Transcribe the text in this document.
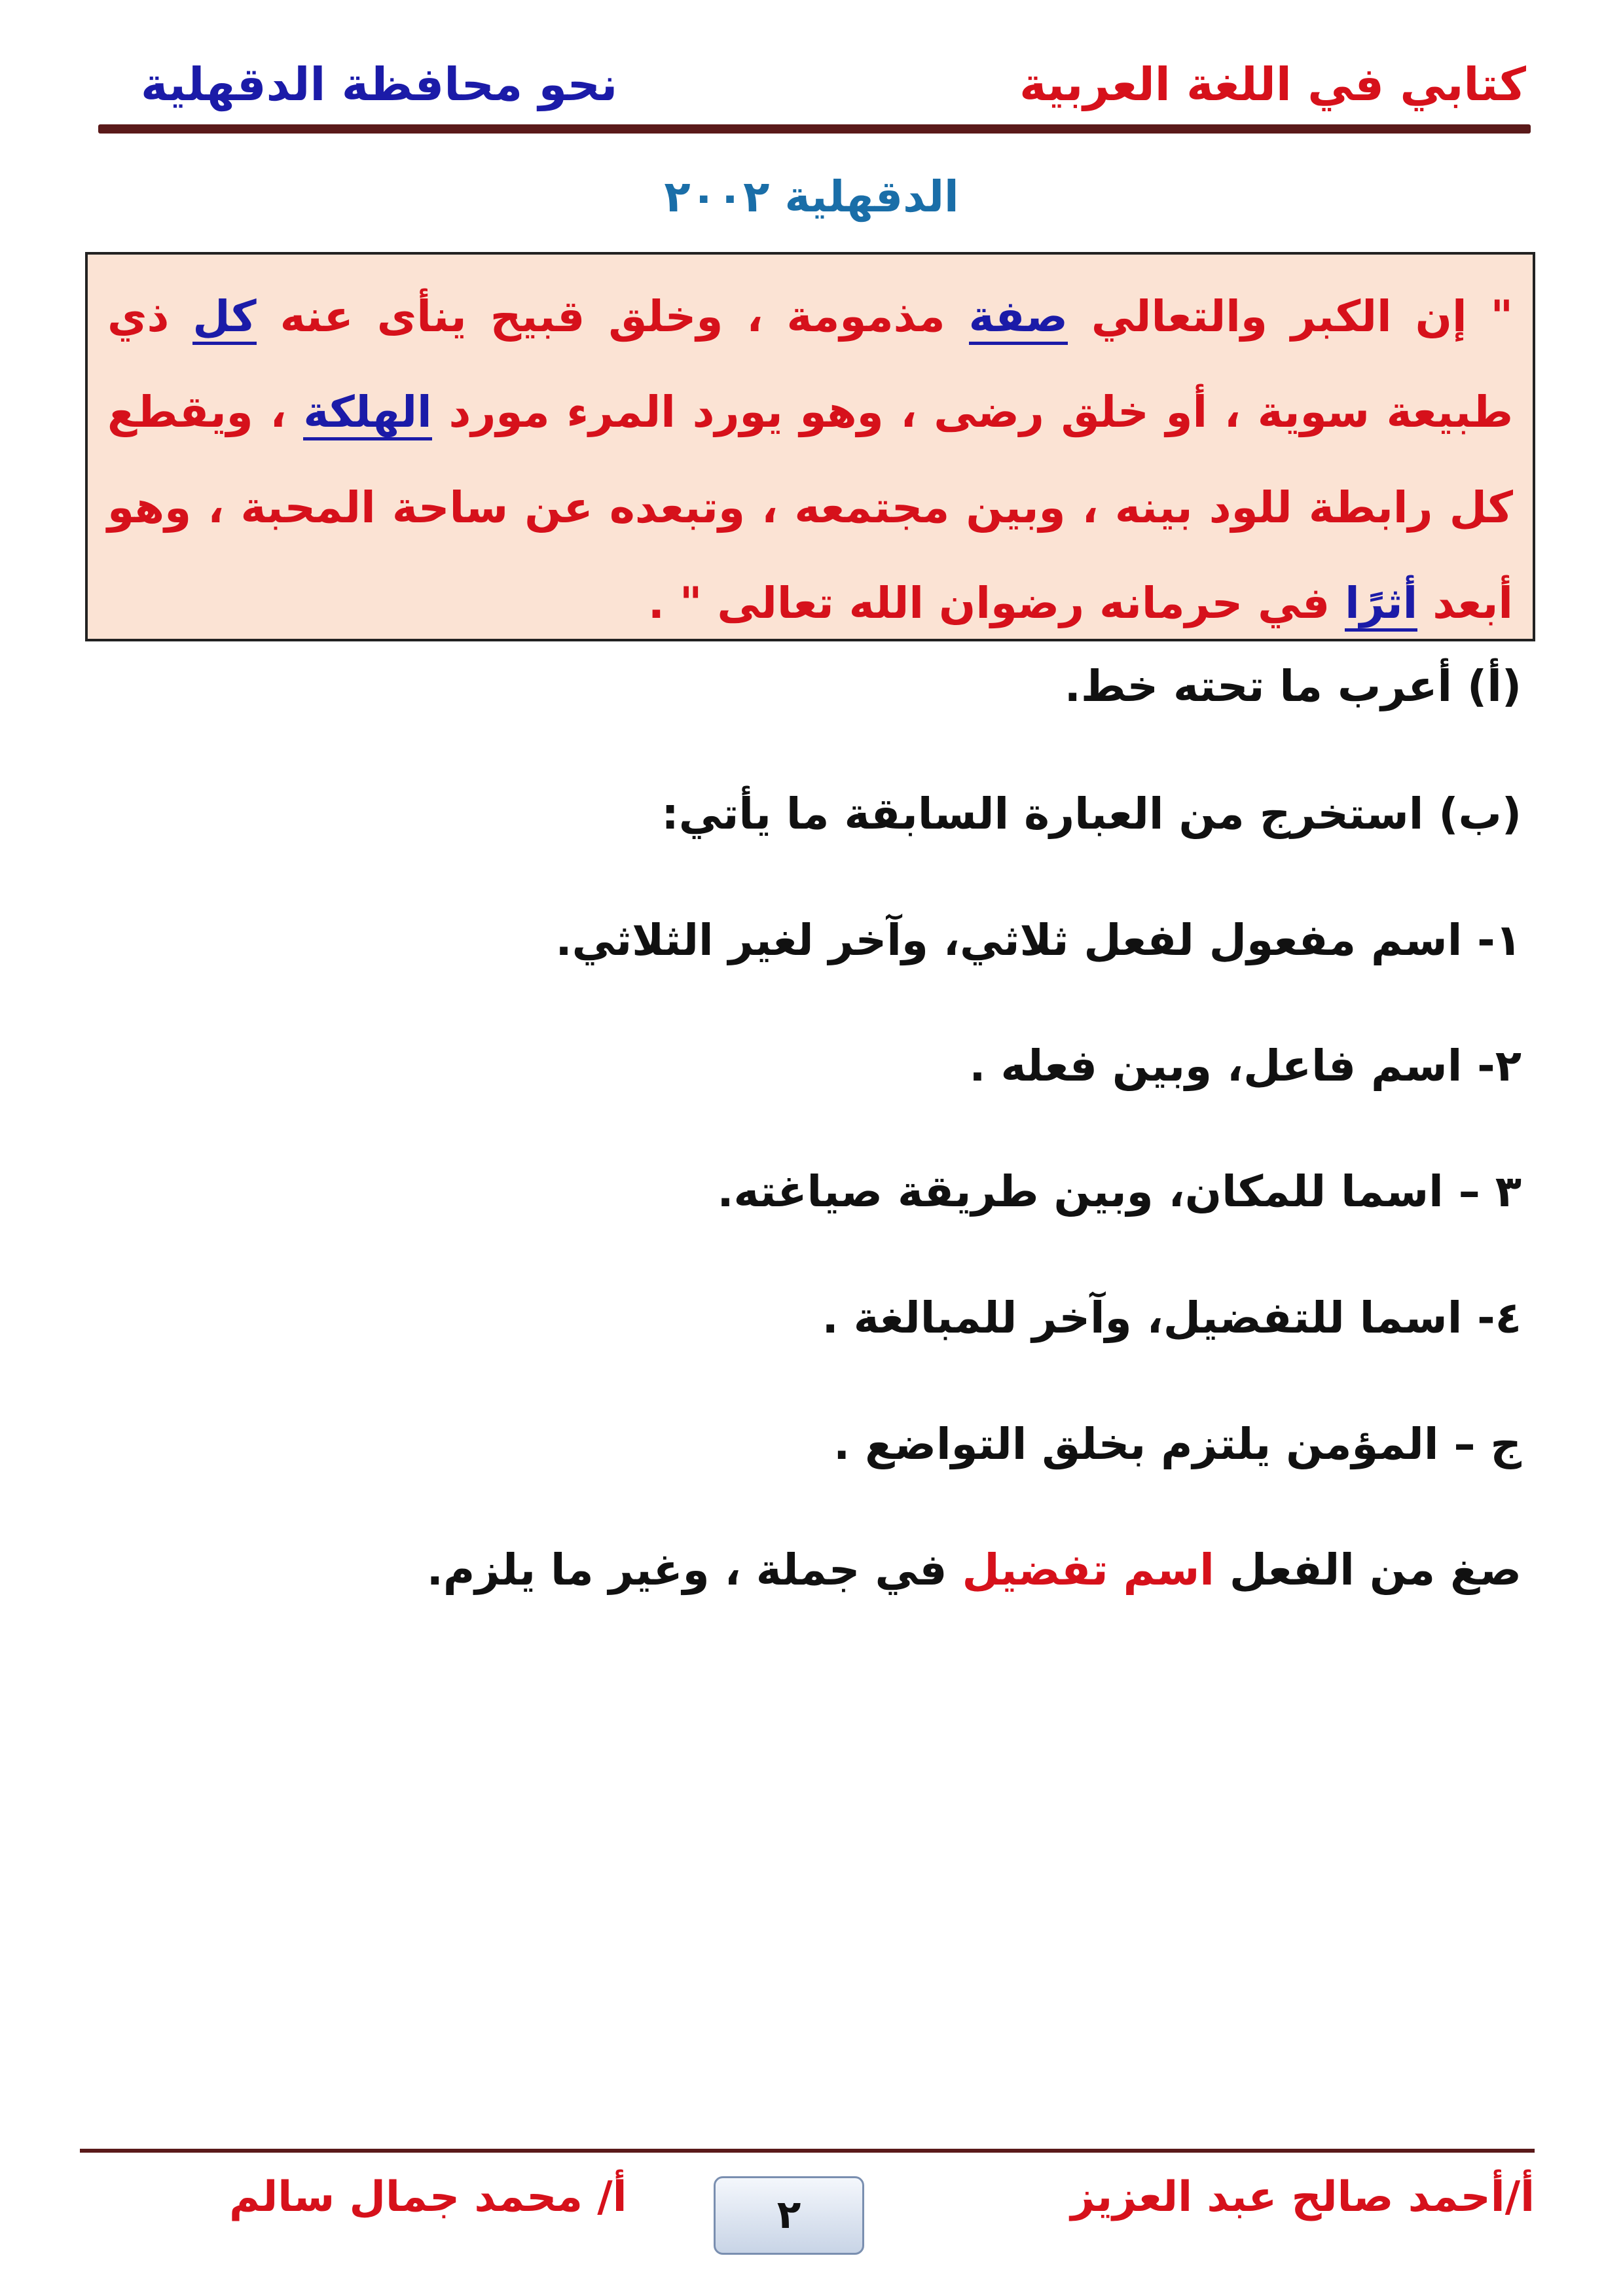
كتابي في اللغة العربية
نحو محافظة الدقهلية
الدقهلية ٢٠٠٢
" إن الكبر والتعالي صفة مذمومة ، وخلق قبيح ينأى عنه كل ذي طبيعة سوية ، أو خلق رضى ، وهو يورد المرء مورد الهلكة ، ويقطع كل رابطة للود بينه ، وبين مجتمعه ، وتبعده عن ساحة المحبة ، وهو أبعد أثرًا في حرمانه رضوان الله تعالى " .
(أ) أعرب ما تحته خط.
(ب) استخرج من العبارة السابقة ما يأتي:
١- اسم مفعول لفعل ثلاثي، وآخر لغير الثلاثي.
٢- اسم فاعل، وبين فعله .
٣ – اسما للمكان، وبين طريقة صياغته.
٤- اسما للتفضيل، وآخر للمبالغة .
ج – المؤمن يلتزم بخلق التواضع .
صغ من الفعل اسم تفضيل في جملة ، وغير ما يلزم.
أ/أحمد صالح عبد العزيز
٢
أ/ محمد جمال سالم
